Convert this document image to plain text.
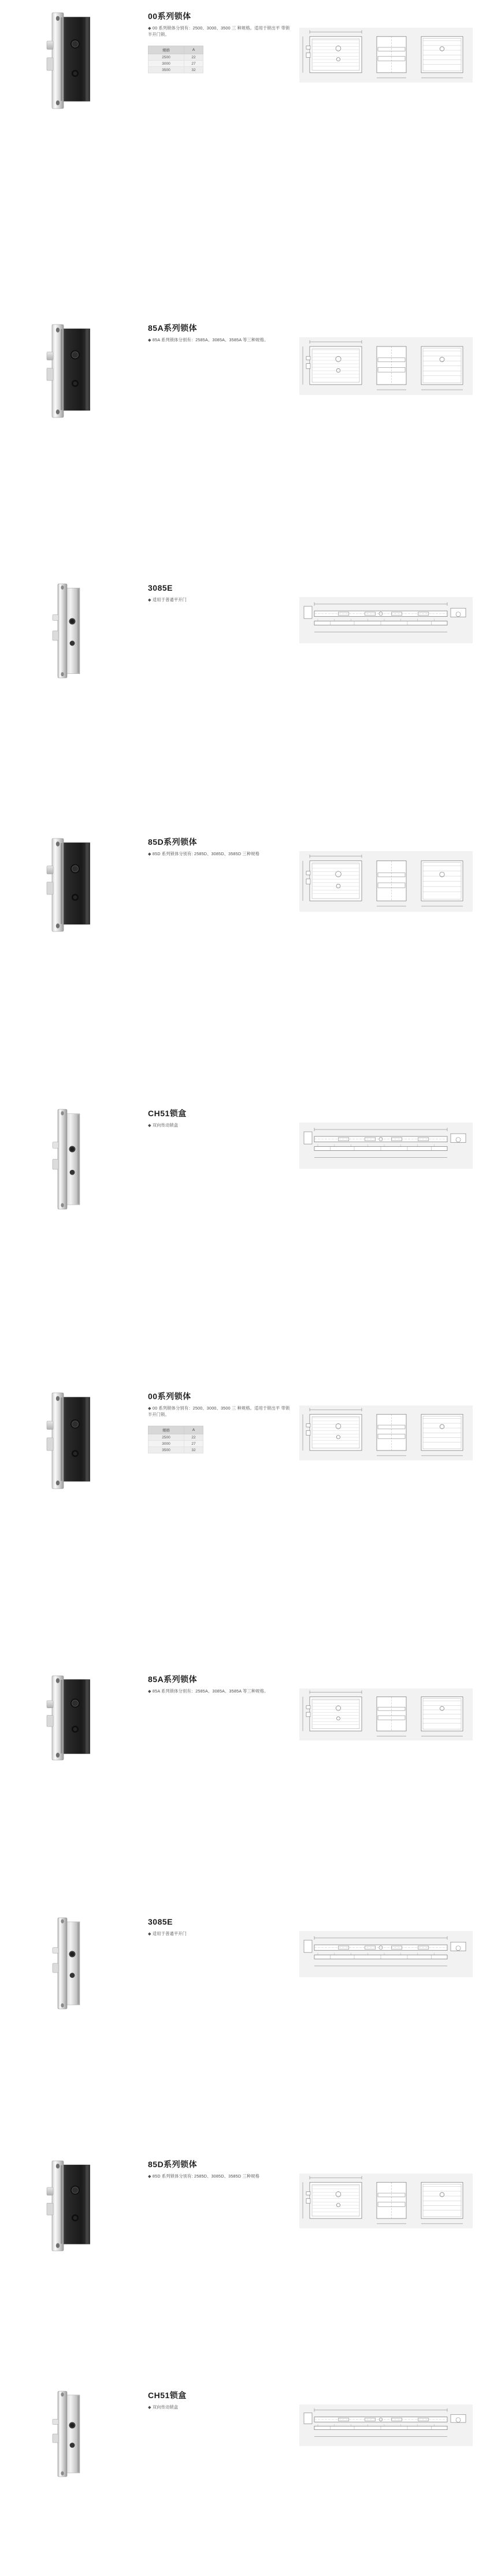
00系列锁体

◆ 00 系列锁体分别有：2500、3000、3500 三 种规格。适用于锁出平 带锁 半开门锁。

规格	A
2500	22
3000	27
3500	32
85A系列锁体

◆ 85A 系列锁体分别有：2585A、3085A、3585A 等三种规格。

3085E

◆ 适用于普通平开门

85D系列锁体

◆ 85D 系列锁体分别有: 2585D、3085D、3585D 三种规格

CH51锁盒

◆ 双向传动锁盒

00系列锁体

◆ 00 系列锁体分别有：2500、3000、3500 三 种规格。适用于锁出平 带锁 半开门锁。

规格	A
2500	22
3000	27
3500	32
85A系列锁体

◆ 85A 系列锁体分别有：2585A、3085A、3585A 等三种规格。

3085E

◆ 适用于普通平开门

85D系列锁体

◆ 85D 系列锁体分别有: 2585D、3085D、3585D 三种规格

CH51锁盒

◆ 双向传动锁盒
